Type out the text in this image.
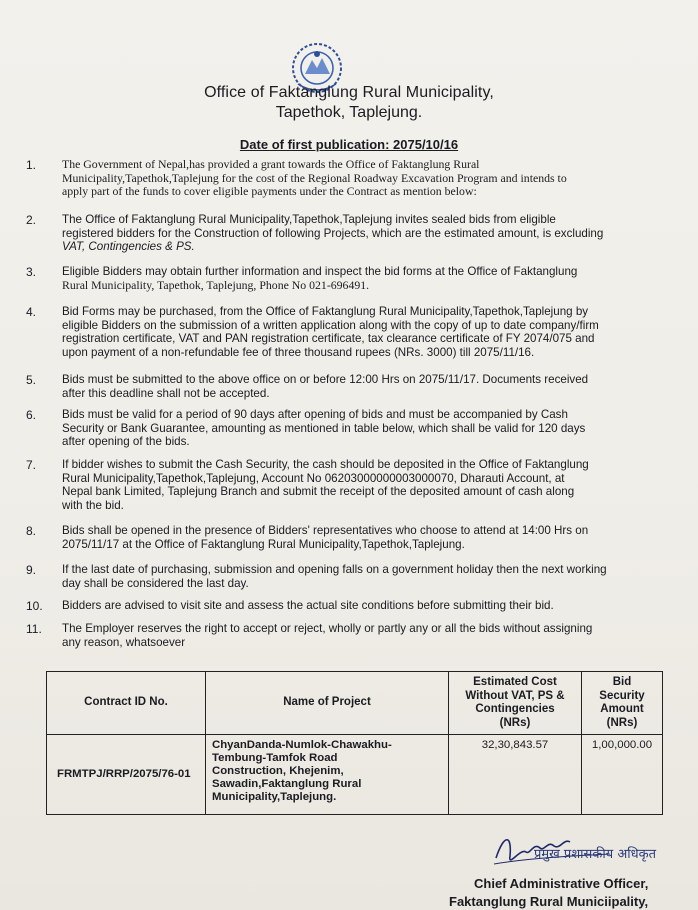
Office of Faktanglung Rural Municipality,
Tapethok, Taplejung.
Date of first publication: 2075/10/16
1. The Government of Nepal,has provided a grant towards the Office of Faktanglung Rural
Municipality,Tapethok,Taplejung for the cost of the Regional Roadway Excavation Program and intends to
apply part of the funds to cover eligible payments under the Contract as mention below:
2. The Office of Faktanglung Rural Municipality,Tapethok,Taplejung invites sealed bids from eligible
registered bidders for the Construction of following Projects, which are the estimated amount, is excluding
VAT, Contingencies & PS.
3. Eligible Bidders may obtain further information and inspect the bid forms at the Office of Faktanglung
Rural Municipality, Tapethok, Taplejung, Phone No 021-696491.
4. Bid Forms may be purchased, from the Office of Faktanglung Rural Municipality,Tapethok,Taplejung by
eligible Bidders on the submission of a written application along with the copy of up to date company/firm
registration certificate, VAT and PAN registration certificate, tax clearance certificate of FY 2074/075 and
upon payment of a non-refundable fee of three thousand rupees (NRs. 3000) till 2075/11/16.
5. Bids must be submitted to the above office on or before 12:00 Hrs on 2075/11/17. Documents received
after this deadline shall not be accepted.
6. Bids must be valid for a period of 90 days after opening of bids and must be accompanied by Cash
Security or Bank Guarantee, amounting as mentioned in table below, which shall be valid for 120 days
after opening of the bids.
7. If bidder wishes to submit the Cash Security, the cash should be deposited in the Office of Faktanglung
Rural Municipality,Tapethok,Taplejung, Account No 06203000000003000070, Dharauti Account, at
Nepal bank Limited, Taplejung Branch and submit the receipt of the deposited amount of cash along
with the bid.
8. Bids shall be opened in the presence of Bidders' representatives who choose to attend at 14:00 Hrs on
2075/11/17 at the Office of Faktanglung Rural Municipality,Tapethok,Taplejung.
9. If the last date of purchasing, submission and opening falls on a government holiday then the next working
day shall be considered the last day.
10. Bidders are advised to visit site and assess the actual site conditions before submitting their bid.
11. The Employer reserves the right to accept or reject, wholly or partly any or all the bids without assigning
any reason, whatsoever
Contract ID No.	Name of Project	Estimated Cost
Without VAT, PS &
Contingencies
(NRs)	Bid
Security
Amount
(NRs)

FRMTPJ/RRP/2075/76-01	ChyanDanda-Numlok-Chawakhu-
Tembung-Tamfok Road
Construction, Khejenim,
Sawadin,Faktanglung Rural
Municipality,Taplejung.	32,30,843.57	1,00,000.00
प्रमुख प्रशासकीय अधिकृत
Chief Administrative Officer,
Faktanglung Rural Municiipality,
